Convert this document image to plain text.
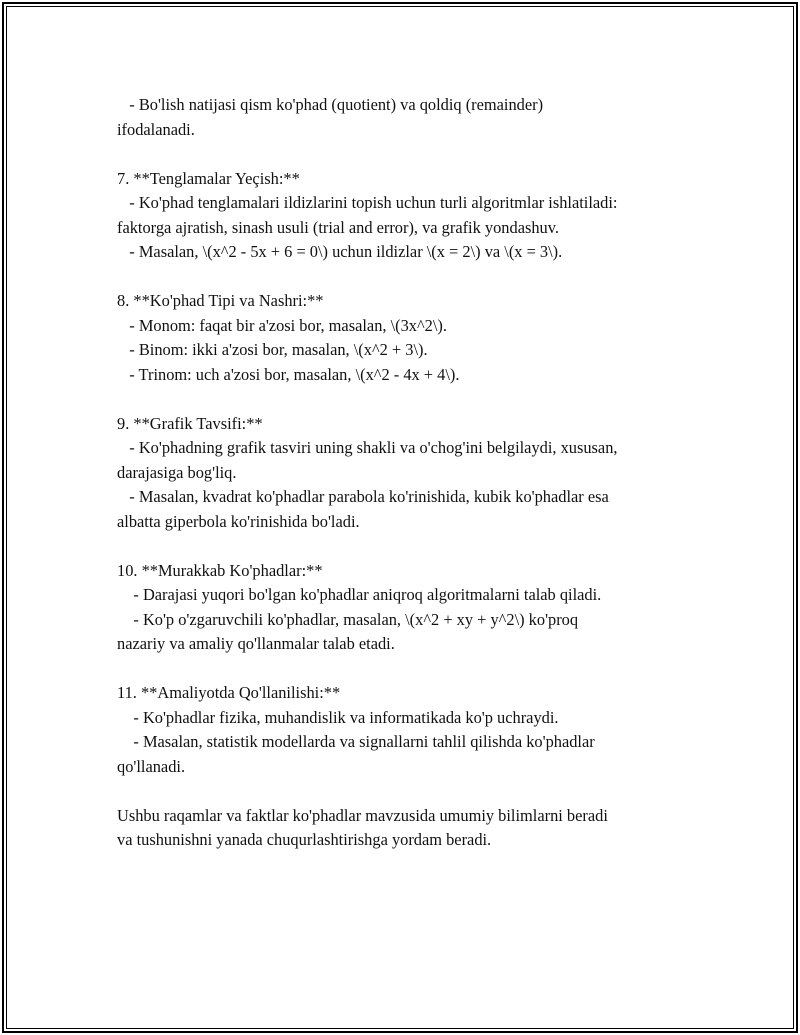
- Bo'lish natijasi qism ko'phad (quotient) va qoldiq (remainder)
ifodalanadi.
7. **Tenglamalar Yeçish:**
- Ko'phad tenglamalari ildizlarini topish uchun turli algoritmlar ishlatiladi:
faktorga ajratish, sinash usuli (trial and error), va grafik yondashuv.
- Masalan, \(x^2 - 5x + 6 = 0\) uchun ildizlar \(x = 2\) va \(x = 3\).
8. **Ko'phad Tipi va Nashri:**
- Monom: faqat bir a'zosi bor, masalan, \(3x^2\).
- Binom: ikki a'zosi bor, masalan, \(x^2 + 3\).
- Trinom: uch a'zosi bor, masalan, \(x^2 - 4x + 4\).
9. **Grafik Tavsifi:**
- Ko'phadning grafik tasviri uning shakli va o'chog'ini belgilaydi, xususan,
darajasiga bog'liq.
- Masalan, kvadrat ko'phadlar parabola ko'rinishida, kubik ko'phadlar esa
albatta giperbola ko'rinishida bo'ladi.
10. **Murakkab Ko'phadlar:**
- Darajasi yuqori bo'lgan ko'phadlar aniqroq algoritmalarni talab qiladi.
- Ko'p o'zgaruvchili ko'phadlar, masalan, \(x^2 + xy + y^2\) ko'proq
nazariy va amaliy qo'llanmalar talab etadi.
11. **Amaliyotda Qo'llanilishi:**
- Ko'phadlar fizika, muhandislik va informatikada ko'p uchraydi.
- Masalan, statistik modellarda va signallarni tahlil qilishda ko'phadlar
qo'llanadi.
Ushbu raqamlar va faktlar ko'phadlar mavzusida umumiy bilimlarni beradi
va tushunishni yanada chuqurlashtirishga yordam beradi.
